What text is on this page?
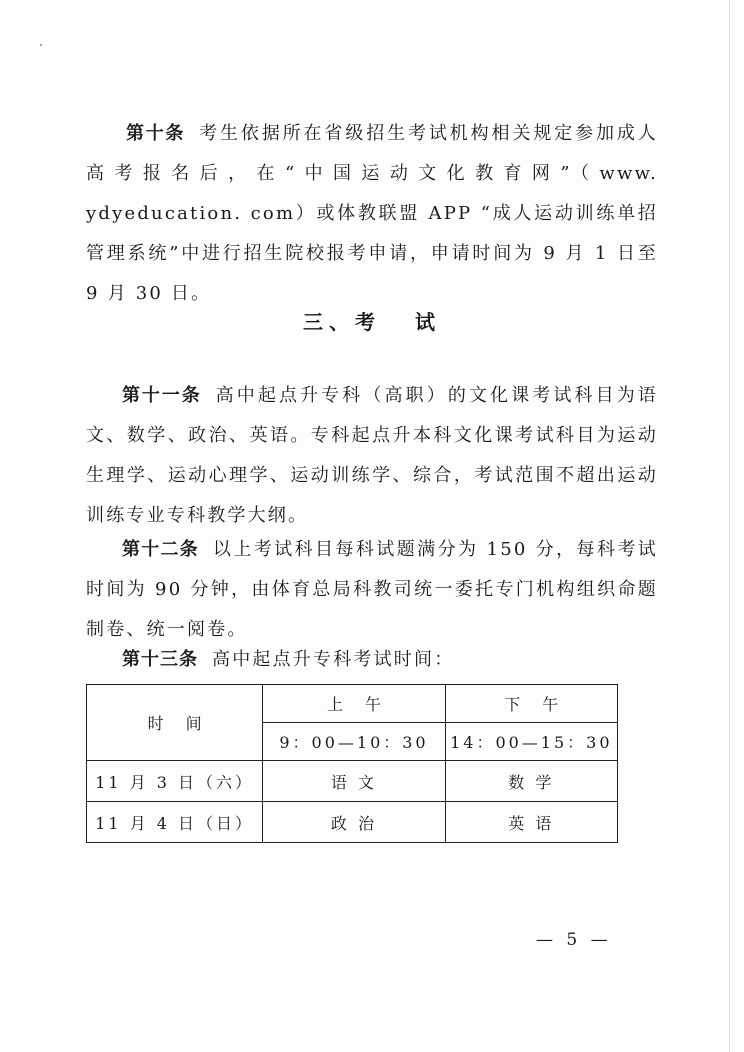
第十条 考生依据所在省级招生考试机构相关规定参加成人高考报名后，在“中国运动文化教育网”（www. ydyeducation. com）或体教联盟 APP “成人运动训练单招管理系统”中进行招生院校报考申请，申请时间为 9 月 1 日至 9 月 30 日。

三、考 试

第十一条 高中起点升专科（高职）的文化课考试科目为语文、数学、政治、英语。专科起点升本科文化课考试科目为运动生理学、运动心理学、运动训练学、综合，考试范围不超出运动训练专业专科教学大纲。

第十二条 以上考试科目每科试题满分为 150 分，每科考试时间为 90 分钟，由体育总局科教司统一委托专门机构组织命题制卷、统一阅卷。

第十三条 高中起点升专科考试时间：

时间	上午	下午
	9：00—10：30	14：00—15：30
11 月 3 日（六）	语 文	数 学
11 月 4 日（日）	政 治	英 语
— 5 —
